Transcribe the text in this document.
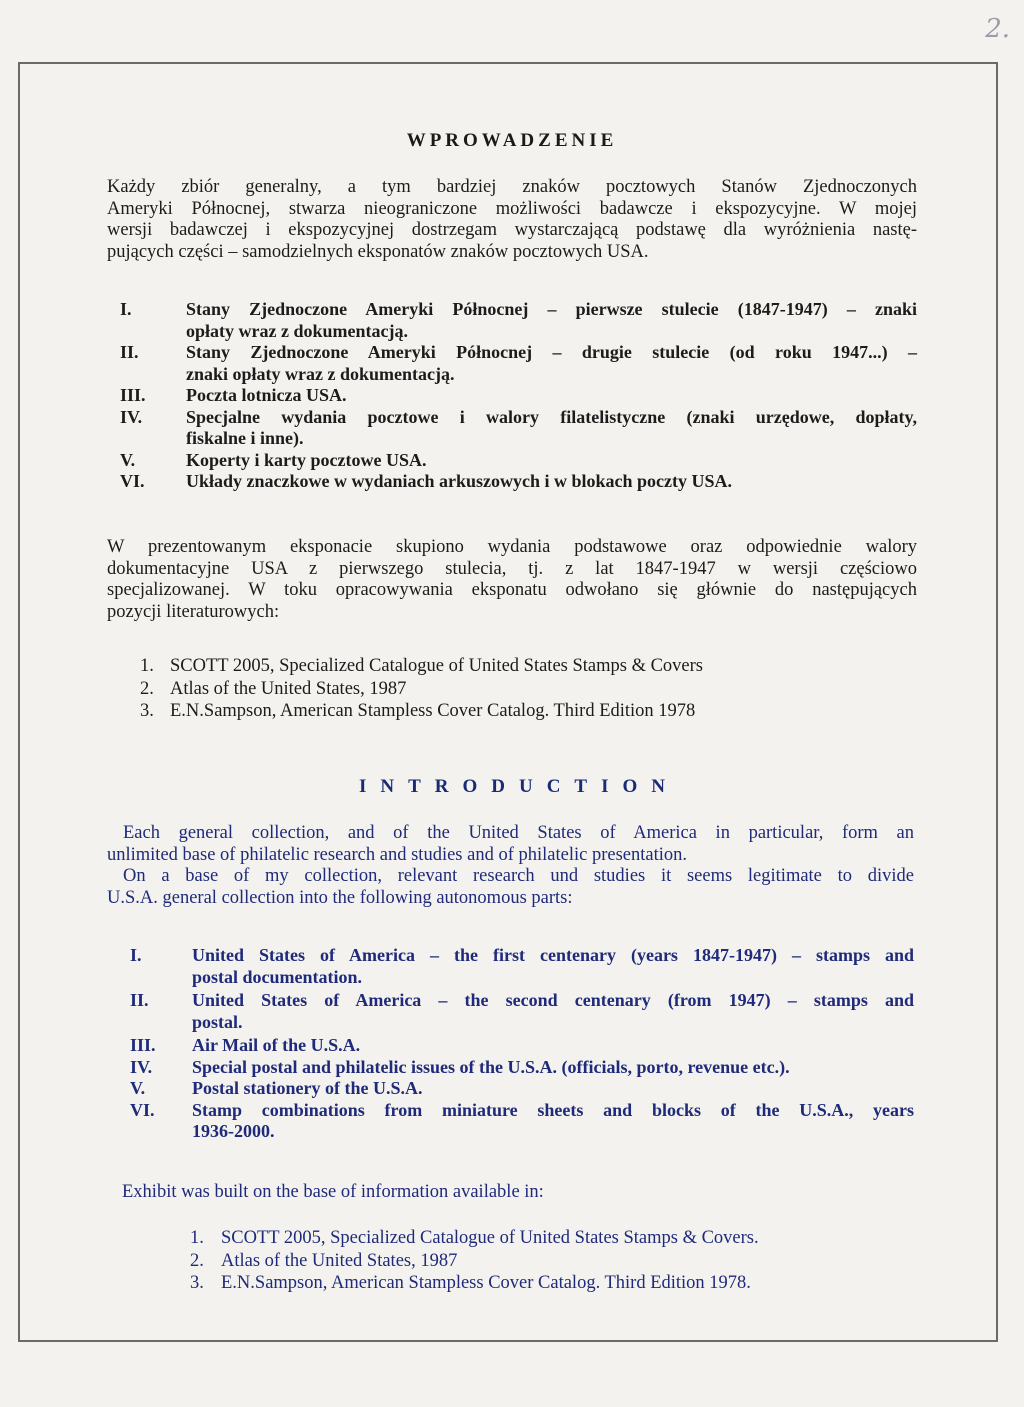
2.
WPROWADZENIE
Każdy zbiór generalny, a tym bardziej znaków pocztowych Stanów Zjednoczonych
Ameryki Północnej, stwarza nieograniczone możliwości badawcze i ekspozycyjne. W mojej
wersji badawczej i ekspozycyjnej dostrzegam wystarczającą podstawę dla wyróżnienia nastę-
pujących części – samodzielnych eksponatów znaków pocztowych USA.
I.	Stany Zjednoczone Ameryki Północnej – pierwsze stulecie (1847-1947) – znaki
opłaty wraz z dokumentacją.
II.	Stany Zjednoczone Ameryki Północnej – drugie stulecie (od roku 1947...) –
znaki opłaty wraz z dokumentacją.
III. Poczta lotnicza USA.
IV. Specjalne wydania pocztowe i walory filatelistyczne (znaki urzędowe, dopłaty,
fiskalne i inne).
V.	Koperty i karty pocztowe USA.
VI. Układy znaczkowe w wydaniach arkuszowych i w blokach poczty USA.
W prezentowanym eksponacie skupiono wydania podstawowe oraz odpowiednie walory
dokumentacyjne USA z pierwszego stulecia, tj. z lat 1847-1947 w wersji częściowo
specjalizowanej. W toku opracowywania eksponatu odwołano się głównie do następujących
pozycji literaturowych:
1. SCOTT 2005, Specialized Catalogue of United States Stamps & Covers
2. Atlas of the United States, 1987
3. E.N.Sampson, American Stampless Cover Catalog. Third Edition 1978
INTRODUCTION
Each general collection, and of the United States of America in particular, form an
unlimited base of philatelic research and studies and of philatelic presentation.
On a base of my collection, relevant research und studies it seems legitimate to divide
U.S.A. general collection into the following autonomous parts:
I.	United States of America – the first centenary (years 1847-1947) – stamps and
postal documentation.
II. United States of America – the second centenary (from 1947) – stamps and
postal.
III. Air Mail of the U.S.A.
IV. Special postal and philatelic issues of the U.S.A. (officials, porto, revenue etc.).
V.	Postal stationery of the U.S.A.
VI. Stamp combinations from miniature sheets and blocks of the U.S.A., years
1936-2000.
Exhibit was built on the base of information available in:
1. SCOTT 2005, Specialized Catalogue of United States Stamps & Covers.
2. Atlas of the United States, 1987
3. E.N.Sampson, American Stampless Cover Catalog. Third Edition 1978.
